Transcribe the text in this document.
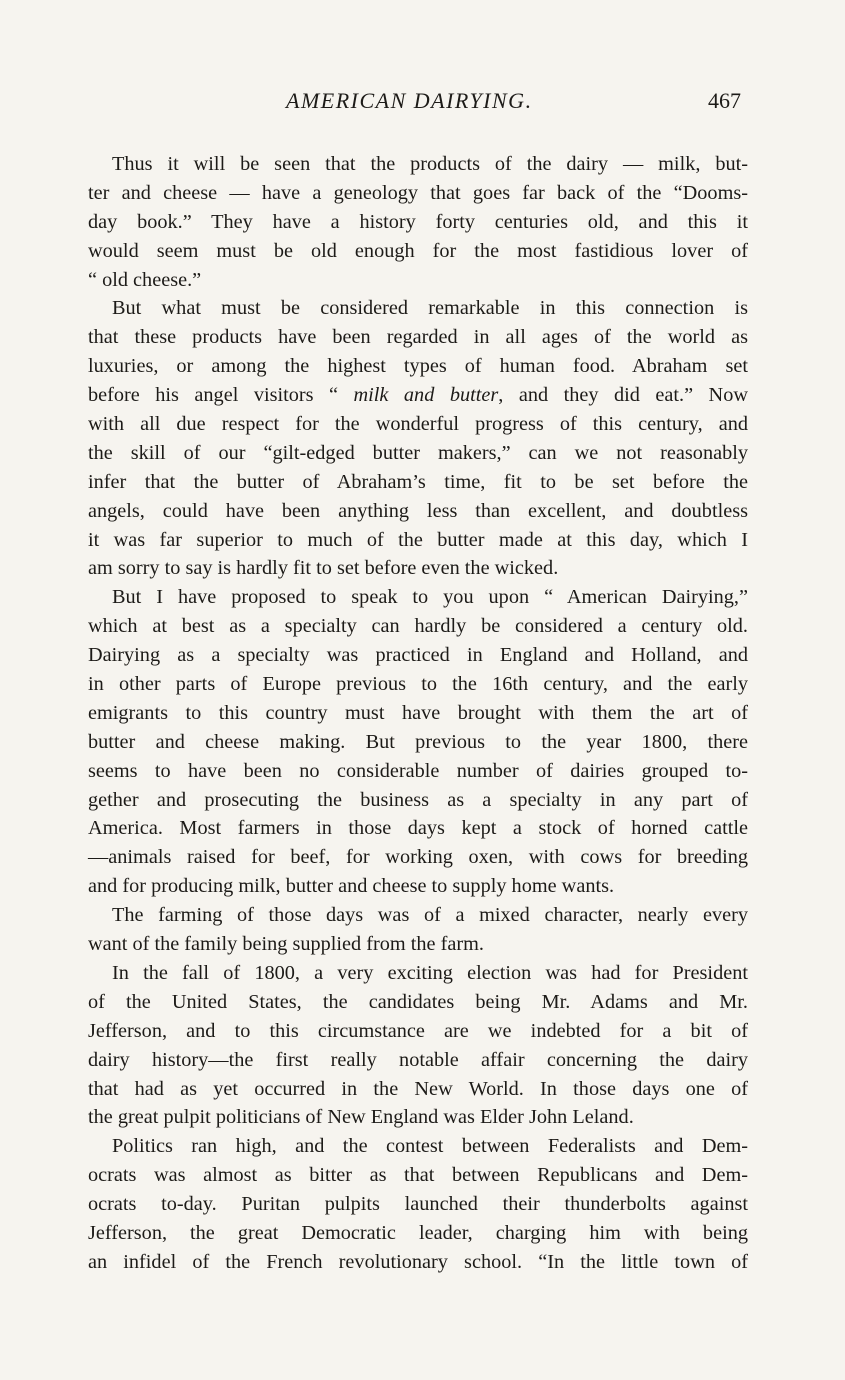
AMERICAN DAIRYING.	467
Thus it will be seen that the products of the dairy — milk, but-
ter and cheese — have a geneology that goes far back of the “Dooms-
day book.” They have a history forty centuries old, and this it
would seem must be old enough for the most fastidious lover of
“ old cheese.”
But what must be considered remarkable in this connection is
that these products have been regarded in all ages of the world as
luxuries, or among the highest types of human food. Abraham set
before his angel visitors “ milk and butter, and they did eat.” Now
with all due respect for the wonderful progress of this century, and
the skill of our “gilt-edged butter makers,” can we not reasonably
infer that the butter of Abraham’s time, fit to be set before the
angels, could have been anything less than excellent, and doubtless
it was far superior to much of the butter made at this day, which I
am sorry to say is hardly fit to set before even the wicked.
But I have proposed to speak to you upon “ American Dairying,”
which at best as a specialty can hardly be considered a century old.
Dairying as a specialty was practiced in England and Holland, and
in other parts of Europe previous to the 16th century, and the early
emigrants to this country must have brought with them the art of
butter and cheese making. But previous to the year 1800, there
seems to have been no considerable number of dairies grouped to-
gether and prosecuting the business as a specialty in any part of
America. Most farmers in those days kept a stock of horned cattle
—animals raised for beef, for working oxen, with cows for breeding
and for producing milk, butter and cheese to supply home wants.
The farming of those days was of a mixed character, nearly every
want of the family being supplied from the farm.
In the fall of 1800, a very exciting election was had for President
of the United States, the candidates being Mr. Adams and Mr.
Jefferson, and to this circumstance are we indebted for a bit of
dairy history—the first really notable affair concerning the dairy
that had as yet occurred in the New World. In those days one of
the great pulpit politicians of New England was Elder John Leland.
Politics ran high, and the contest between Federalists and Dem-
ocrats was almost as bitter as that between Republicans and Dem-
ocrats to-day. Puritan pulpits launched their thunderbolts against
Jefferson, the great Democratic leader, charging him with being
an infidel of the French revolutionary school. “In the little town of
